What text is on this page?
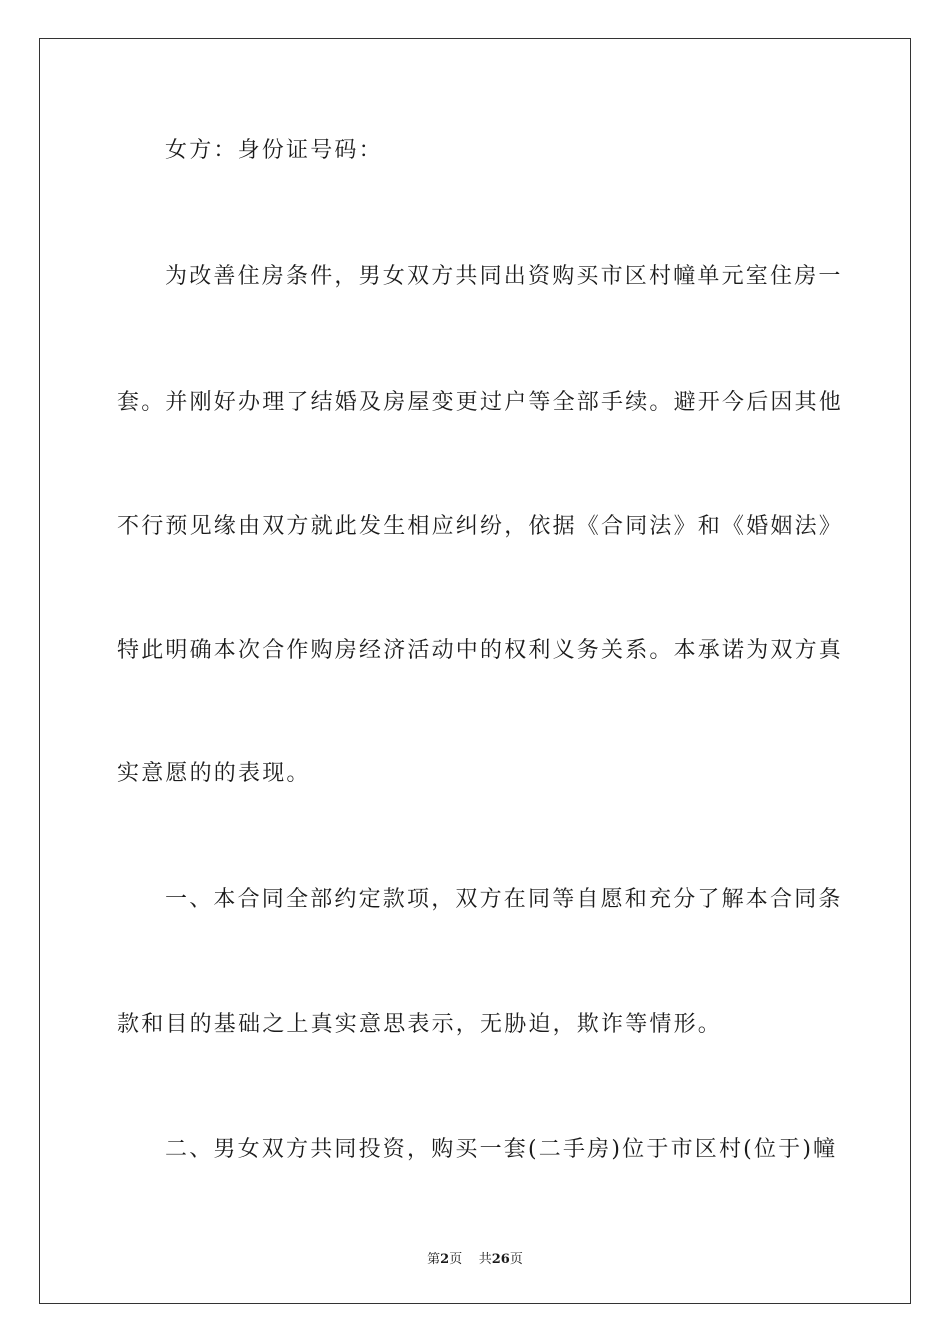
女方：身份证号码：
为改善住房条件，男女双方共同出资购买市区村幢单元室住房一
套。并刚好办理了结婚及房屋变更过户等全部手续。避开今后因其他
不行预见缘由双方就此发生相应纠纷，依据《合同法》和《婚姻法》
特此明确本次合作购房经济活动中的权利义务关系。本承诺为双方真
实意愿的的表现。
一、本合同全部约定款项，双方在同等自愿和充分了解本合同条
款和目的基础之上真实意思表示，无胁迫，欺诈等情形。
二、男女双方共同投资，购买一套(二手房)位于市区村(位于)幢
第2页 共26页
